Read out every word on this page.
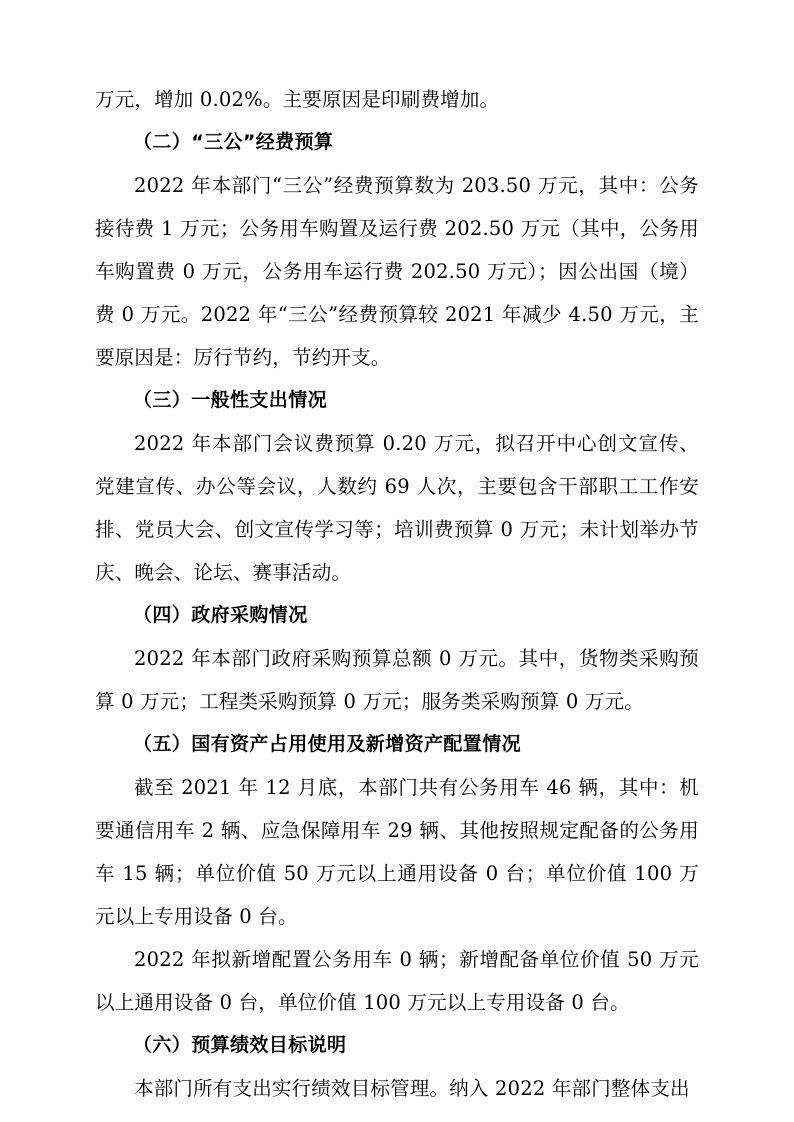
万元，增加 0.02%。主要原因是印刷费增加。

（二）“三公”经费预算

2022 年本部门“三公”经费预算数为 203.50 万元，其中：公务接待费 1 万元；公务用车购置及运行费 202.50 万元（其中，公务用车购置费 0 万元，公务用车运行费 202.50 万元）；因公出国（境）费 0 万元。2022 年“三公”经费预算较 2021 年减少 4.50 万元，主要原因是：厉行节约，节约开支。

（三）一般性支出情况

2022 年本部门会议费预算 0.20 万元，拟召开中心创文宣传、党建宣传、办公等会议，人数约 69 人次，主要包含干部职工工作安排、党员大会、创文宣传学习等；培训费预算 0 万元；未计划举办节庆、晚会、论坛、赛事活动。

（四）政府采购情况

2022 年本部门政府采购预算总额 0 万元。其中，货物类采购预算 0 万元；工程类采购预算 0 万元；服务类采购预算 0 万元。

（五）国有资产占用使用及新增资产配置情况

截至 2021 年 12 月底，本部门共有公务用车 46 辆，其中：机要通信用车 2 辆、应急保障用车 29 辆、其他按照规定配备的公务用车 15 辆；单位价值 50 万元以上通用设备 0 台；单位价值 100 万元以上专用设备 0 台。

2022 年拟新增配置公务用车 0 辆；新增配备单位价值 50 万元以上通用设备 0 台，单位价值 100 万元以上专用设备 0 台。

（六）预算绩效目标说明

本部门所有支出实行绩效目标管理。纳入 2022 年部门整体支出
